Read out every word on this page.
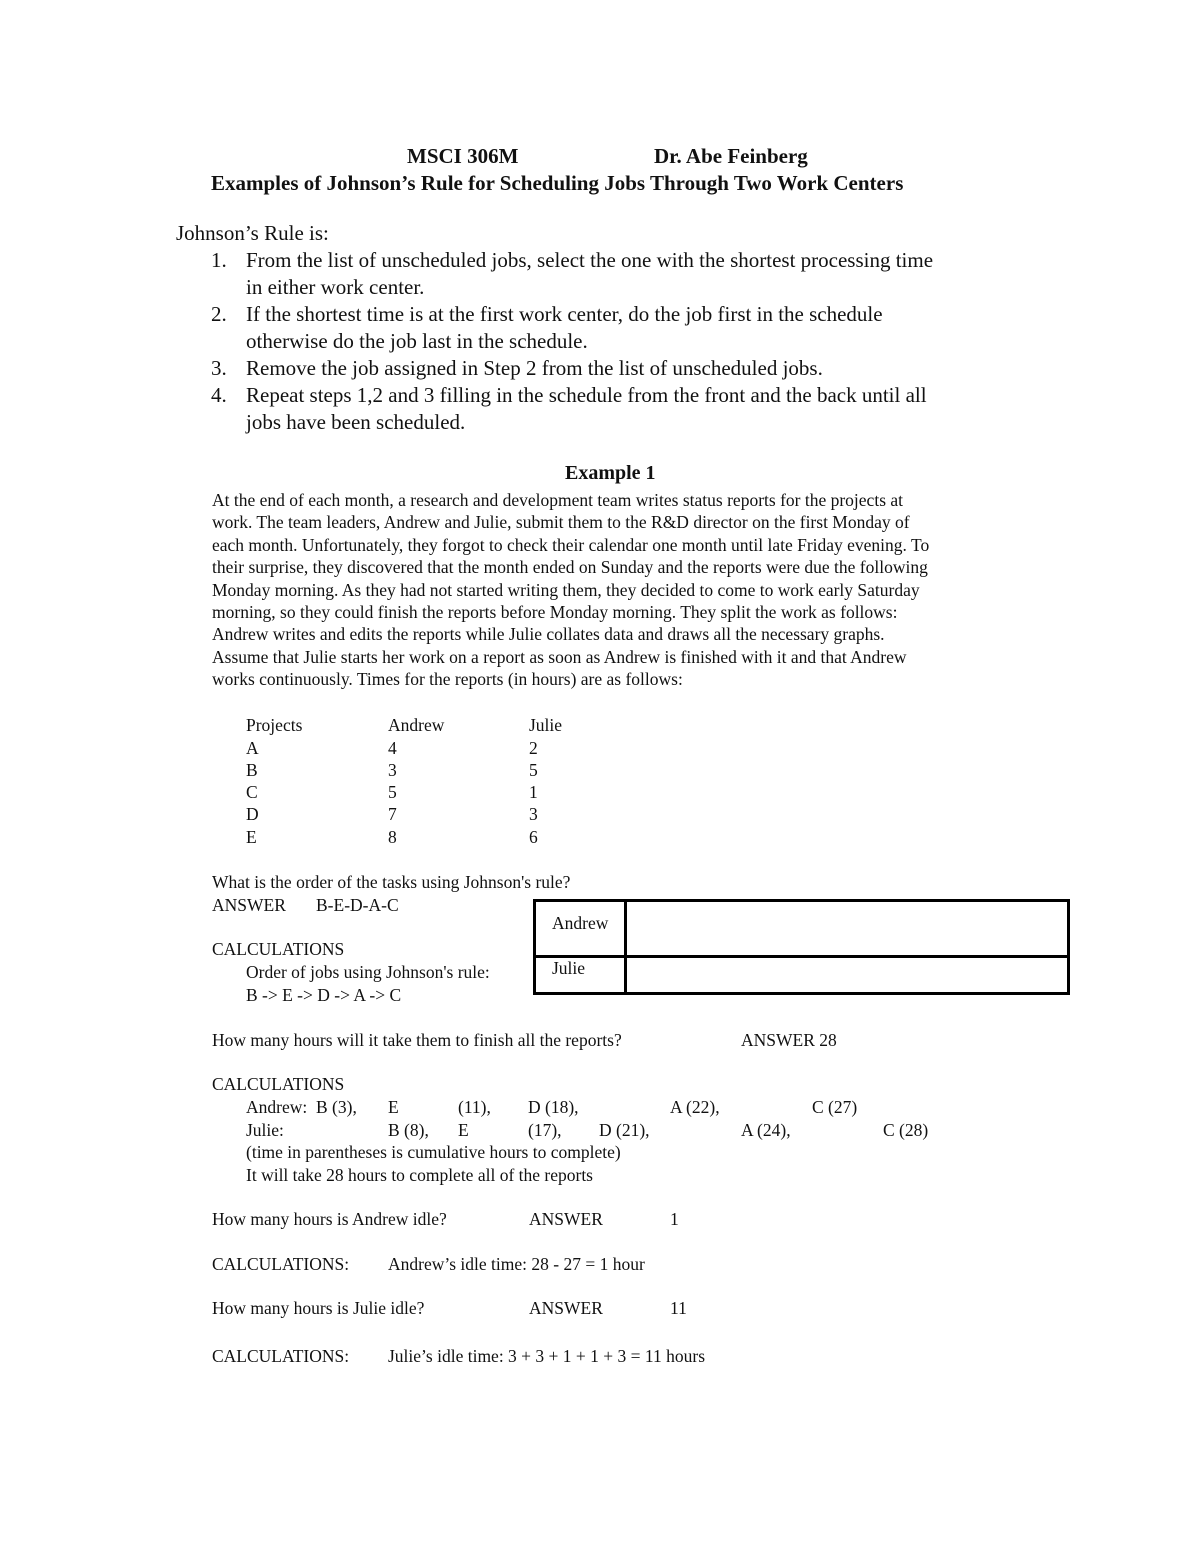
MSCI 306M	Dr. Abe Feinberg
Examples of Johnson’s Rule for Scheduling Jobs Through Two Work Centers
Johnson’s Rule is:
1. From the list of unscheduled jobs, select the one with the shortest processing time
in either work center.
2. If the shortest time is at the first work center, do the job first in the schedule
otherwise do the job last in the schedule.
3. Remove the job assigned in Step 2 from the list of unscheduled jobs.
4. Repeat steps 1,2 and 3 filling in the schedule from the front and the back until all
jobs have been scheduled.
Example 1
At the end of each month, a research and development team writes status reports for the projects at
work. The team leaders, Andrew and Julie, submit them to the R&D director on the first Monday of
each month. Unfortunately, they forgot to check their calendar one month until late Friday evening. To
their surprise, they discovered that the month ended on Sunday and the reports were due the following
Monday morning. As they had not started writing them, they decided to come to work early Saturday
morning, so they could finish the reports before Monday morning. They split the work as follows:
Andrew writes and edits the reports while Julie collates data and draws all the necessary graphs.
Assume that Julie starts her work on a report as soon as Andrew is finished with it and that Andrew
works continuously. Times for the reports (in hours) are as follows:
Projects	Andrew	Julie
A	4	2
B	3	5
C	5	1
D	7	3
E	8	6
What is the order of the tasks using Johnson's rule?
ANSWER B-E-D-A-C
CALCULATIONS
Order of jobs using Johnson's rule:
B -> E -> D -> A -> C
Andrew
Julie
How many hours will it take them to finish all the reports?	ANSWER 28
CALCULATIONS
Andrew: B (3), E	(11), D (18),	A (22),	C (27)
Julie:	B (8), E	(17), D (21),	A (24),	C (28)
(time in parentheses is cumulative hours to complete)
It will take 28 hours to complete all of the reports
How many hours is Andrew idle?	ANSWER	1
CALCULATIONS: Andrew’s idle time: 28 - 27 = 1 hour
How many hours is Julie idle?	ANSWER	11
CALCULATIONS: Julie’s idle time: 3 + 3 + 1 + 1 + 3 = 11 hours
